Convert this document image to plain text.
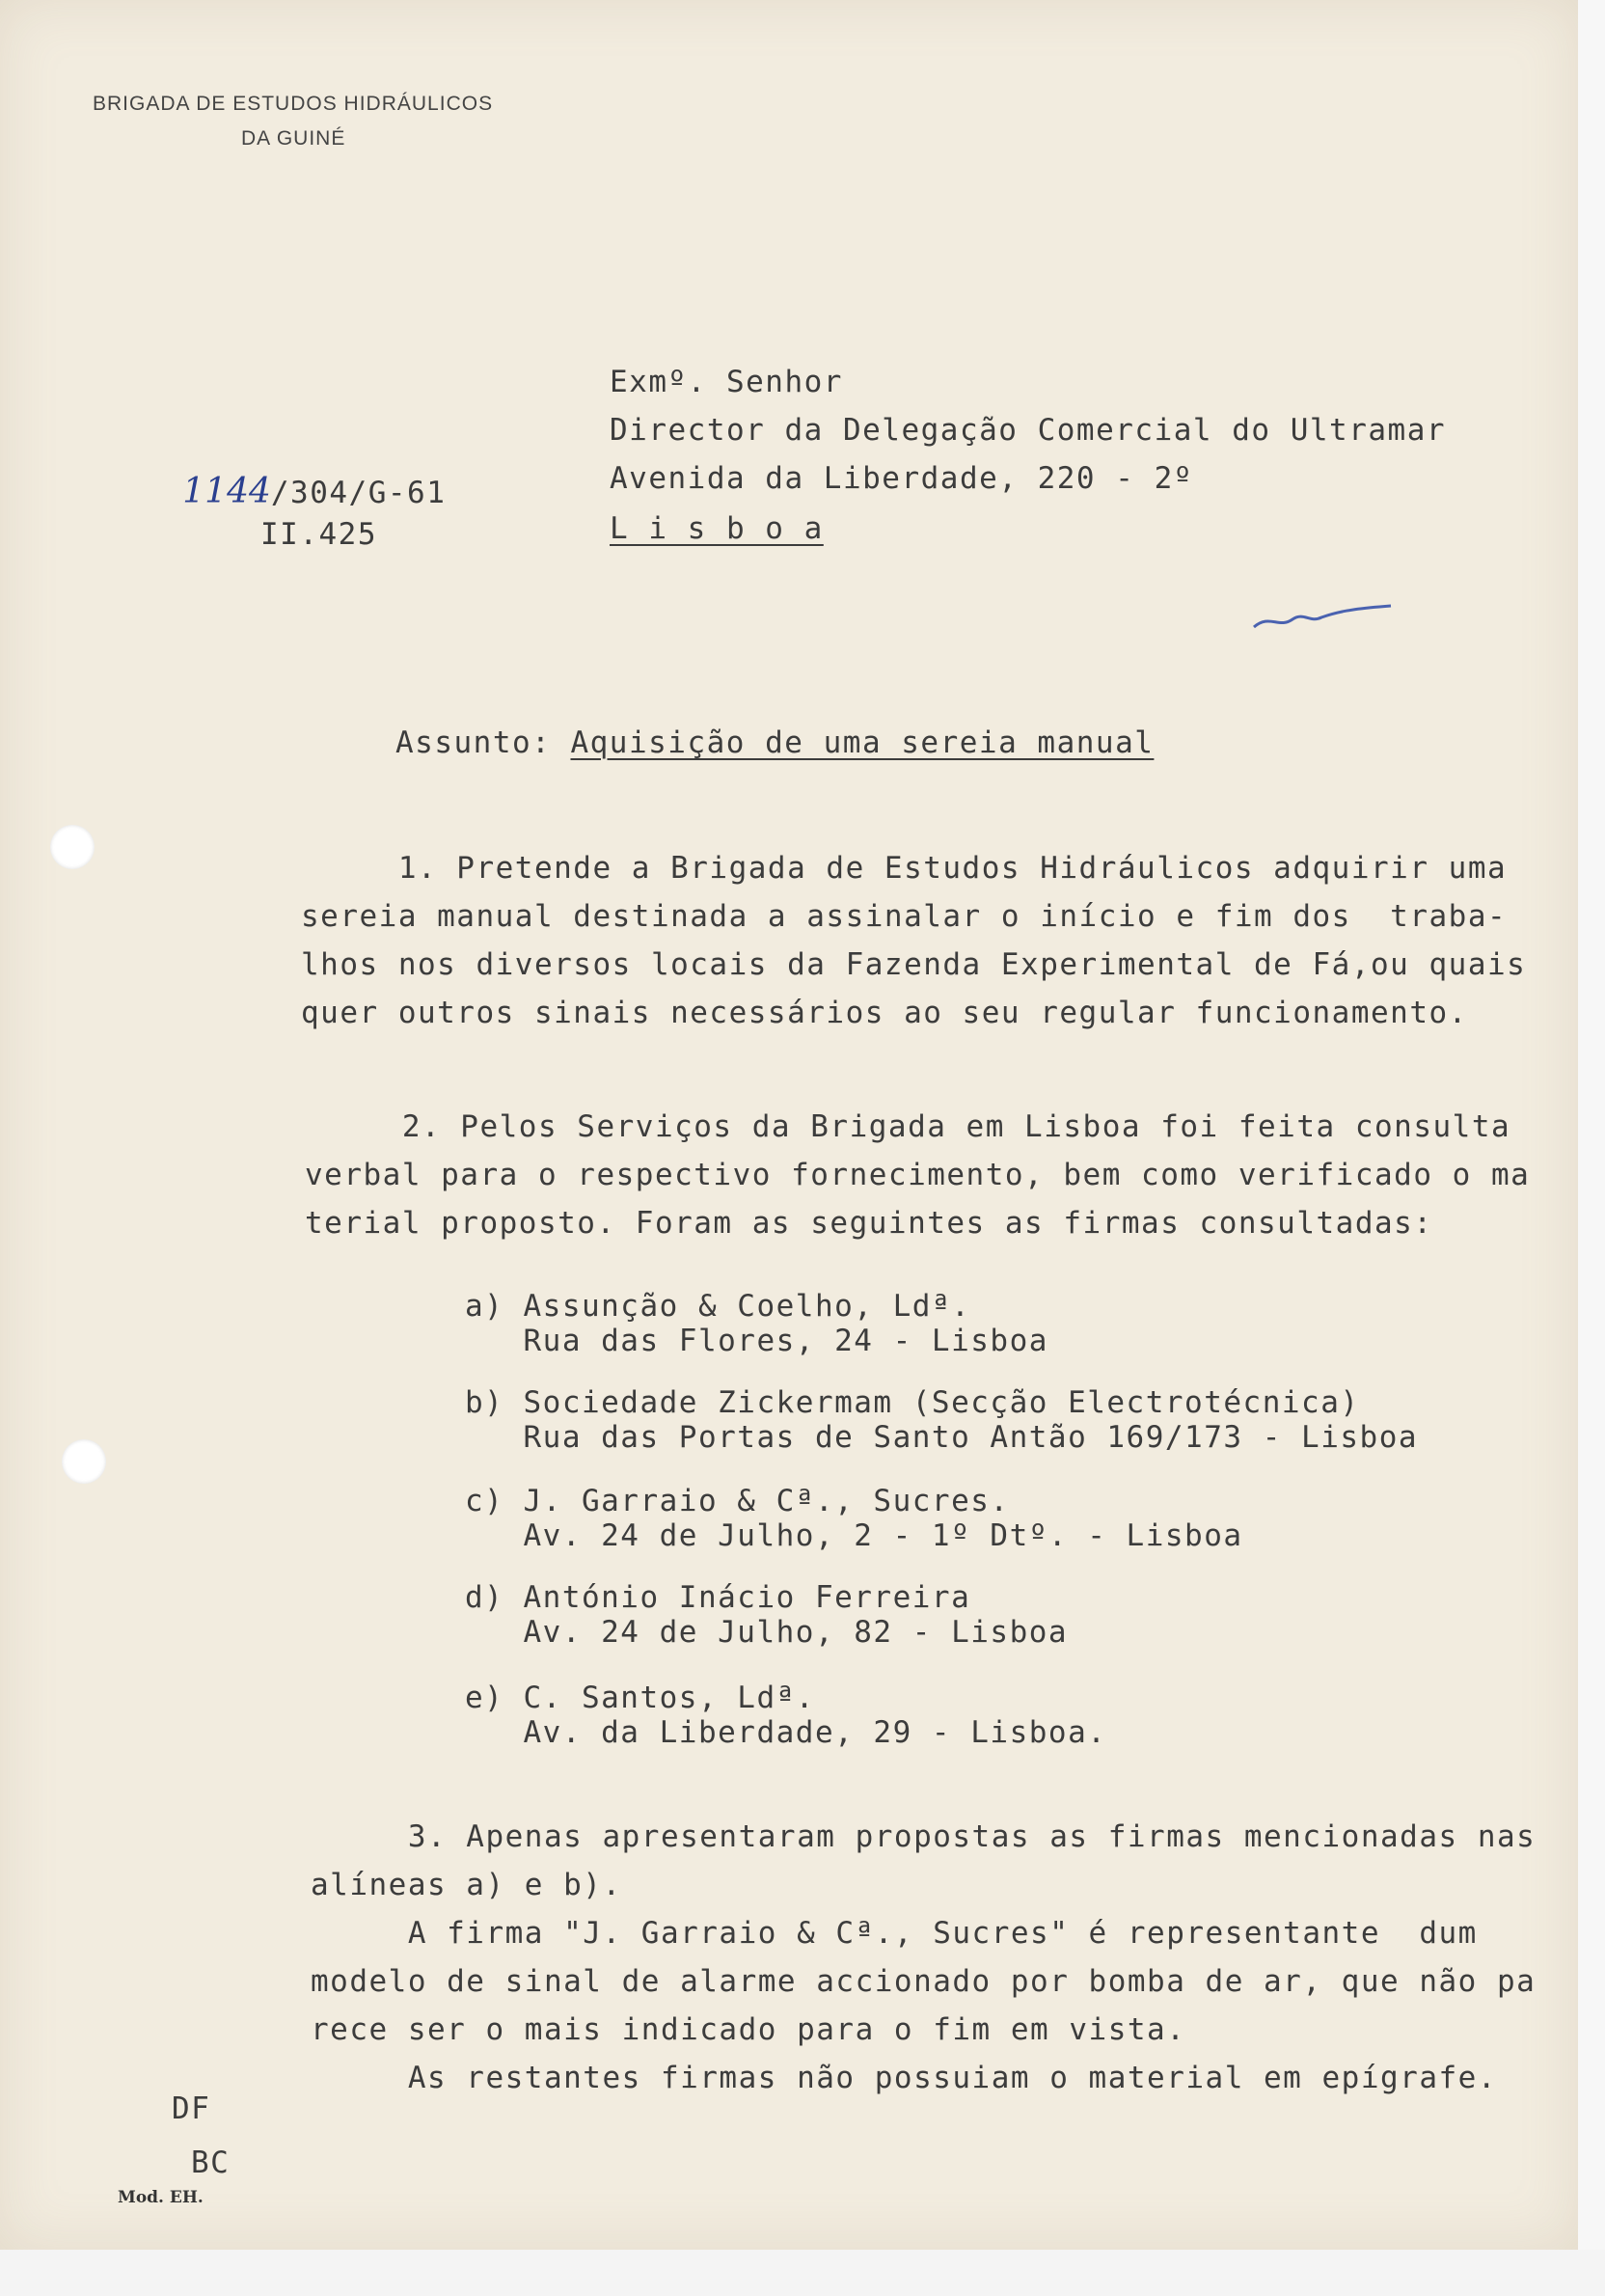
BRIGADA DE ESTUDOS HIDRÁULICOS
DA GUINÉ

1144/304/G-61

II.425
Exmº. Senhor
Director da Delegação Comercial do Ultramar
Avenida da Liberdade, 220 - 2º
L i s b o a
Assunto: Aquisição de uma sereia manual
1. Pretende a Brigada de Estudos Hidráulicos adquirir uma
sereia manual destinada a assinalar o início e fim dos  traba-
lhos nos diversos locais da Fazenda Experimental de Fá,ou quais
quer outros sinais necessários ao seu regular funcionamento.
2. Pelos Serviços da Brigada em Lisboa foi feita consulta
verbal para o respectivo fornecimento, bem como verificado o ma
terial proposto. Foram as seguintes as firmas consultadas:
a) Assunção & Coelho, Ldª.
Rua das Flores, 24 - Lisboa
b) Sociedade Zickermam (Secção Electrotécnica)
Rua das Portas de Santo Antão 169/173 - Lisboa
c) J. Garraio & Cª., Sucres.
Av. 24 de Julho, 2 - 1º Dtº. - Lisboa
d) António Inácio Ferreira
Av. 24 de Julho, 82 - Lisboa
e) C. Santos, Ldª.
Av. da Liberdade, 29 - Lisboa.
3. Apenas apresentaram propostas as firmas mencionadas nas
alíneas a) e b).
A firma "J. Garraio & Cª., Sucres" é representante  dum
modelo de sinal de alarme accionado por bomba de ar, que não pa
rece ser o mais indicado para o fim em vista.
As restantes firmas não possuiam o material em epígrafe.
DF
BC
Mod. EH.
